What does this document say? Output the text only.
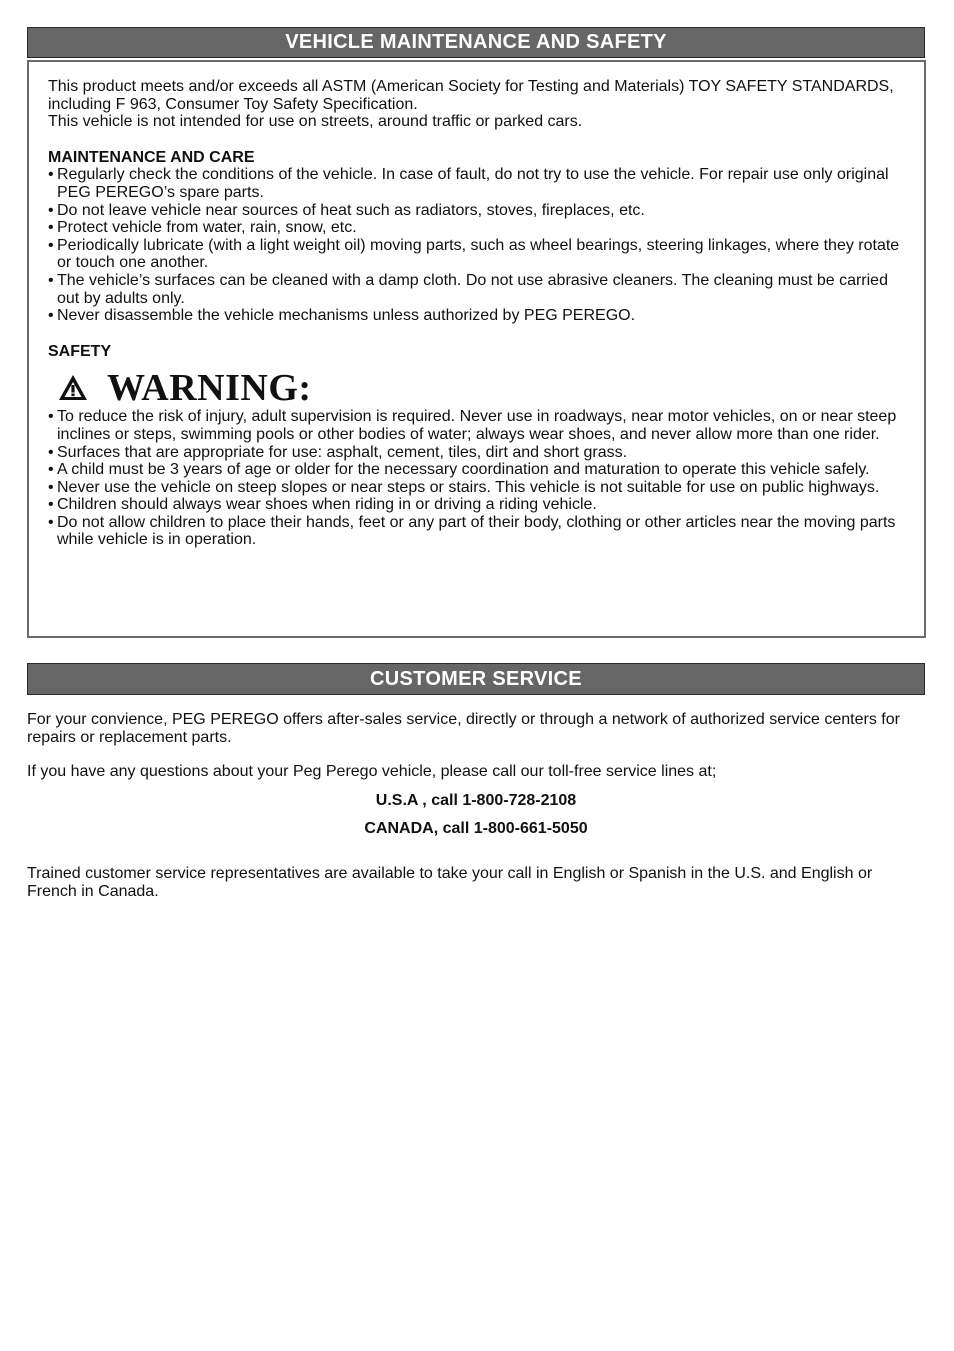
VEHICLE MAINTENANCE AND SAFETY

This product meets and/or exceeds all ASTM (American Society for Testing and Materials) TOY SAFETY STANDARDS, including F 963, Consumer Toy Safety Specification.

This vehicle is not intended for use on streets, around traffic or parked cars.

MAINTENANCE AND CARE

• Regularly check the conditions of the vehicle. In case of fault, do not try to use the vehicle. For repair use only original PEG PEREGO’s spare parts.
• Do not leave vehicle near sources of heat such as radiators, stoves, fireplaces, etc.
• Protect vehicle from water, rain, snow, etc.
• Periodically lubricate (with a light weight oil) moving parts, such as wheel bearings, steering linkages, where they rotate or touch one another.
• The vehicle’s surfaces can be cleaned with a damp cloth. Do not use abrasive cleaners. The cleaning must be carried out by adults only.
• Never disassemble the vehicle mechanisms unless authorized by PEG PEREGO.

SAFETY

WARNING:
• To reduce the risk of injury, adult supervision is required. Never use in roadways, near motor vehicles, on or near steep inclines or steps, swimming pools or other bodies of water; always wear shoes, and never allow more than one rider.
• Surfaces that are appropriate for use: asphalt, cement, tiles, dirt and short grass.
• A child must be 3 years of age or older for the necessary coordination and maturation to operate this vehicle safely.
• Never use the vehicle on steep slopes or near steps or stairs. This vehicle is not suitable for use on public highways.
• Children should always wear shoes when riding in or driving a riding vehicle.
• Do not allow children to place their hands, feet or any part of their body, clothing or other articles near the moving parts while vehicle is in operation.
CUSTOMER SERVICE

For your convience, PEG PEREGO offers after-sales service, directly or through a network of authorized service centers for repairs or replacement parts.

If you have any questions about your Peg Perego vehicle, please call our toll-free service lines at;

U.S.A , call 1-800-728-2108

CANADA, call 1-800-661-5050

Trained customer service representatives are available to take your call in English or Spanish in the U.S. and English or French in Canada.
